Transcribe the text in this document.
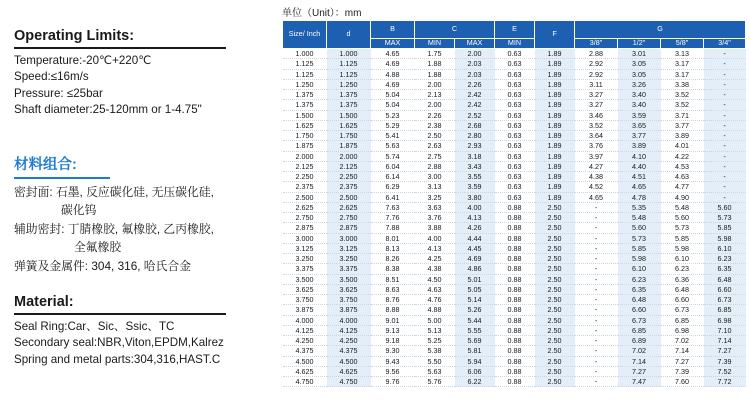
Operating Limits:
Temperature:-20℃+220℃
Speed:≤16m/s
Pressure: ≤25bar
Shaft diameter:25-120mm or 1-4.75"
材料组合:
密封面: 石墨, 反应碳化硅, 无压碳化硅,
碳化钨
辅助密封: 丁腈橡胶, 氟橡胶, 乙丙橡胶,
全氟橡胶
弹簧及金属件: 304, 316, 哈氏合金
Material:
Seal Ring:Car、Sic、Ssic、TC
Secondary seal:NBR,Viton,EPDM,Kalrez
Spring and metal parts:304,316,HAST.C
单位（Unit）：mm
Size/ Inch	d	B	C		E	F	G			
		MAX	MIN	MAX	MIN		3/8"	1/2"	5/8"	3/4"
1.000	1.000	4.65	1.75	2.00	0.63	1.89	2.88	3.01	3.13	-
1.125	1.125	4.69	1.88	2.03	0.63	1.89	2.92	3.05	3.17	-
1.125	1.125	4.88	1.88	2.03	0.63	1.89	2.92	3.05	3.17	-
1.250	1.250	4.69	2.00	2.26	0.63	1.89	3.11	3.26	3.38	-
1.375	1.375	5.04	2.13	2.42	0.63	1.89	3.27	3.40	3.52	-
1.375	1.375	5.04	2.00	2.42	0.63	1.89	3.27	3.40	3.52	-
1.500	1.500	5.23	2.26	2.52	0.63	1.89	3.46	3.59	3.71	-
1.625	1.625	5.29	2.38	2.68	0.63	1.89	3.52	3.65	3.77	-
1.750	1.750	5.41	2.50	2.80	0.63	1.89	3.64	3.77	3.89	-
1.875	1.875	5.63	2.63	2.93	0.63	1.89	3.76	3.89	4.01	-
2.000	2.000	5.74	2.75	3.18	0.63	1.89	3.97	4.10	4.22	-
2.125	2.125	6.04	2.88	3.43	0.63	1.89	4.27	4.40	4.53	-
2.250	2.250	6.14	3.00	3.55	0.63	1.89	4.38	4.51	4.63	-
2.375	2.375	6.29	3.13	3.59	0.63	1.89	4.52	4.65	4.77	-
2.500	2.500	6.41	3.25	3.80	0.63	1.89	4.65	4.78	4.90	-
2.625	2.625	7.63	3.63	4.00	0.88	2.50	-	5.35	5.48	5.60
2.750	2.750	7.76	3.76	4.13	0.88	2.50	-	5.48	5.60	5.73
2.875	2.875	7.88	3.88	4.26	0.88	2.50	-	5.60	5.73	5.85
3.000	3.000	8.01	4.00	4.44	0.88	2.50	-	5.73	5.85	5.98
3.125	3.125	8.13	4.13	4.45	0.88	2.50	-	5.85	5.98	6.10
3.250	3.250	8.26	4.25	4.69	0.88	2.50	-	5.98	6.10	6.23
3.375	3.375	8.38	4.38	4.86	0.88	2.50	-	6.10	6.23	6.35
3.500	3.500	8.51	4.50	5.01	0.88	2.50	-	6.23	6.36	6.48
3.625	3.625	8.63	4.63	5.05	0.88	2.50	-	6.35	6.48	6.60
3.750	3.750	8.76	4.76	5.14	0.88	2.50	-	6.48	6.60	6.73
3.875	3.875	8.88	4.88	5.26	0.88	2.50	-	6.60	6.73	6.85
4.000	4.000	9.01	5.00	5.44	0.88	2.50	-	6.73	6.85	6.98
4.125	4.125	9.13	5.13	5.55	0.88	2.50	-	6.85	6.98	7.10
4.250	4.250	9.18	5.25	5.69	0.88	2.50	-	6.89	7.02	7.14
4.375	4.375	9.30	5.38	5.81	0.88	2.50	-	7.02	7.14	7.27
4.500	4.500	9.43	5.50	5.94	0.88	2.50	-	7.14	7.27	7.39
4.625	4.625	9.56	5.63	6.06	0.88	2.50	-	7.27	7.39	7.52
4.750	4.750	9.76	5.76	6.22	0.88	2.50	-	7.47	7.60	7.72
